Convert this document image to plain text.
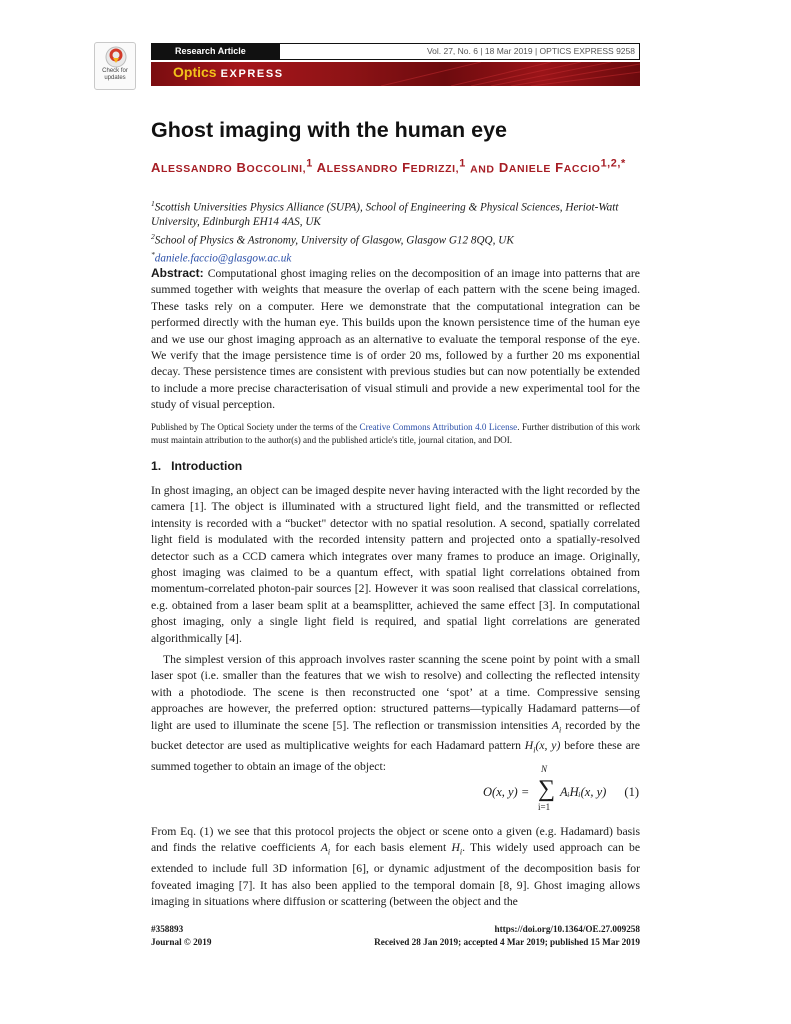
Check for
updates
Research Article	Vol. 27, No. 6 | 18 Mar 2019 | OPTICS EXPRESS 9258
Optics EXPRESS
Ghost imaging with the human eye
ALESSANDRO BOCCOLINI,$^1$ ALESSANDRO FEDRIZZI,$^1$ AND DANIELE $FACCIO^{1,2,*}$
$^1$Scottish Universities Physics Alliance (SUPA), School of Engineering & Physical Sciences, Heriot-Watt University, Edinburgh EH14 4AS, UK
$^2$School of Physics & Astronomy, University of Glasgow, Glasgow G12 8QQ, UK
*daniele.faccio@glasgow.ac.uk
Abstract: Computational ghost imaging relies on the decomposition of an image into patterns that are summed together with weights that measure the overlap of each pattern with the scene being imaged. These tasks rely on a computer. Here we demonstrate that the computational integration can be performed directly with the human eye. This builds upon the known persistence time of the human eye and we use our ghost imaging approach as an alternative to evaluate the temporal response of the eye. We verify that the image persistence time is of order 20 ms, followed by a further 20 ms exponential decay. These persistence times are consistent with previous studies but can now potentially be extended to include a more precise characterisation of visual stimuli and provide a new experimental tool for the study of visual perception.
Published by The Optical Society under the terms of the Creative Commons Attribution 4.0 License. Further distribution of this work must maintain attribution to the author(s) and the published article's title, journal citation, and DOI.
1. Introduction
In ghost imaging, an object can be imaged despite never having interacted with the light recorded by the camera [1]. The object is illuminated with a structured light field, and the transmitted or reflected intensity is recorded with a “bucket" detector with no spatial resolution. A second, spatially correlated light field is modulated with the recorded intensity pattern and projected onto a spatially-resolved detector such as a CCD camera which integrates over many frames to produce an image. Originally, ghost imaging was claimed to be a quantum effect, with spatial light correlations obtained from momentum-correlated photon-pair sources [2]. However it was soon realised that classical correlations, e.g. obtained from a laser beam split at a beamsplitter, achieved the same effect [3]. In computational ghost imaging, only a single light field is required, and spatial light correlations are generated algorithmically [4].
The simplest version of this approach involves raster scanning the scene point by point with a small laser spot (i.e. smaller than the features that we wish to resolve) and collecting the reflected intensity with a photodiode. The scene is then reconstructed one ‘spot’ at a time. Compressive sensing approaches are however, the preferred option: structured patterns—typically Hadamard patterns—of light are used to illuminate the scene [5]. The reflection or transmission intensities $A_i$ recorded by the bucket detector are used as multiplicative weights for each Hadamard pattern $H_i(x$, y) before these are summed together to obtain an image of the object:
O(x, y) =
N
∑
i=1
AᵢHᵢ(x, y) (1)
From Eq. (1) we see that this protocol projects the object or scene onto a given (e.g. Hadamard) basis and finds the relative coefficients $A_i$ for each basis element $H_i$. This widely used approach can be extended to include full 3D information [6], or dynamic adjustment of the decomposition basis for foveated imaging [7]. It has also been applied to the temporal domain [8, 9]. Ghost imaging allows imaging in situations where diffusion or scattering (between the object and the
#358893
Journal © 2019
https://doi.org/10.1364/OE.27.009258
Received 28 Jan 2019; accepted 4 Mar 2019; published 15 Mar 2019
